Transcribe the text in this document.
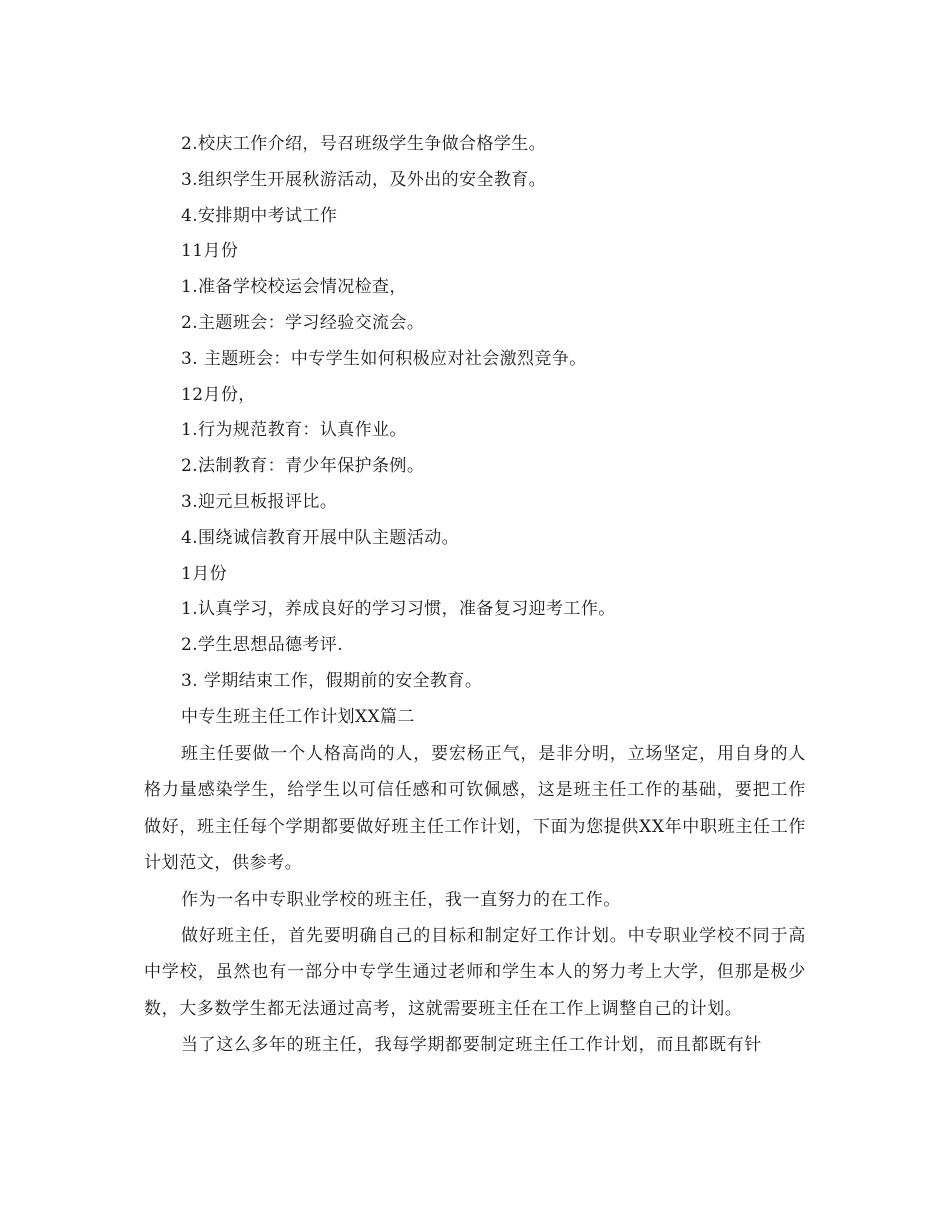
2.校庆工作介绍，号召班级学生争做合格学生。
3.组织学生开展秋游活动，及外出的安全教育。
4.安排期中考试工作
11月份
1.准备学校校运会情况检查，
2.主题班会：学习经验交流会。
3. 主题班会：中专学生如何积极应对社会激烈竞争。
12月份，
1.行为规范教育：认真作业。
2.法制教育：青少年保护条例。
3.迎元旦板报评比。
4.围绕诚信教育开展中队主题活动。
1月份
1.认真学习，养成良好的学习习惯，准备复习迎考工作。
2.学生思想品德考评.
3. 学期结束工作，假期前的安全教育。
中专生班主任工作计划XX篇二

班主任要做一个人格高尚的人，要宏杨正气，是非分明，立场坚定，用自身的人格力量感染学生，给学生以可信任感和可钦佩感，这是班主任工作的基础，要把工作做好，班主任每个学期都要做好班主任工作计划，下面为您提供XX年中职班主任工作计划范文，供参考。

作为一名中专职业学校的班主任，我一直努力的在工作。

做好班主任，首先要明确自己的目标和制定好工作计划。中专职业学校不同于高中学校，虽然也有一部分中专学生通过老师和学生本人的努力考上大学，但那是极少数，大多数学生都无法通过高考，这就需要班主任在工作上调整自己的计划。

当了这么多年的班主任，我每学期都要制定班主任工作计划，而且都既有针
